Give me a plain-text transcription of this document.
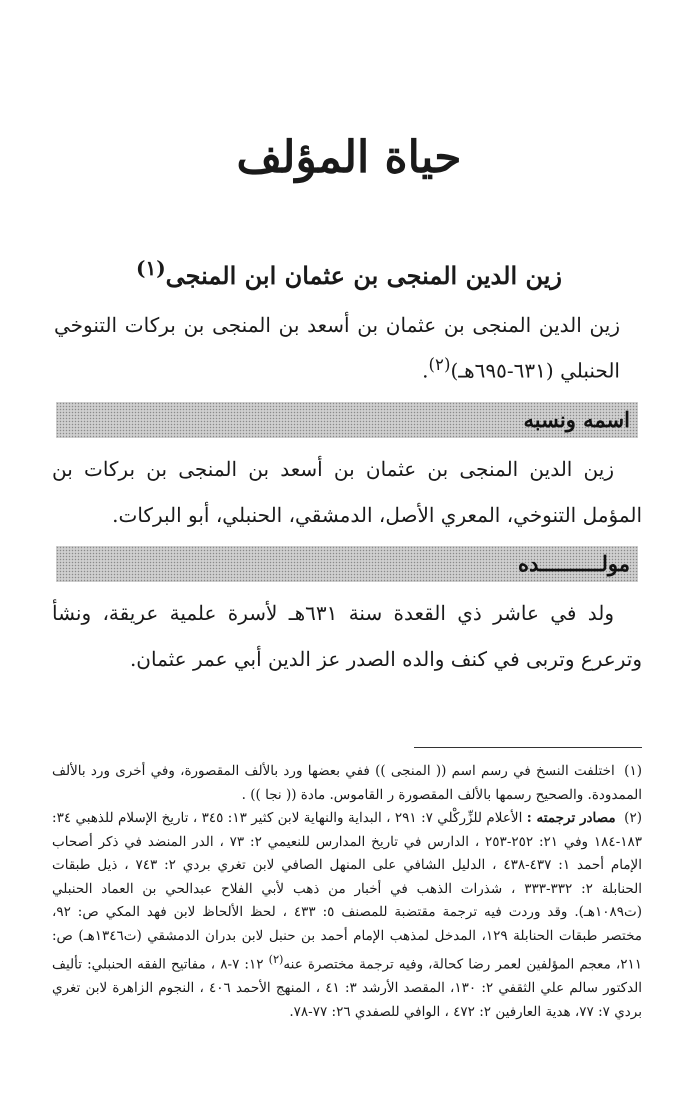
حياة المؤلف
زين الدين المنجى بن عثمان ابن المنجى$^{(١)}$

زين الدين المنجى بن عثمان بن أسعد بن المنجى بن بركات التنوخي الحنبلي (٦٣١-٦٩٥هـ)$^{(٢)}$.

اسمه ونسبه

زين الدين المنجى بن عثمان بن أسعد بن المنجى بن بركات بن المؤمل التنوخي، المعري الأصل، الدمشقي، الحنبلي، أبو البركات.

مولــــــــــده

ولد في عاشر ذي القعدة سنة ٦٣١هـ لأسرة علمية عريقة، ونشأ وترعرع وتربى في كنف والده الصدر عز الدين أبي عمر عثمان.

(١) اختلفت النسخ في رسم اسم (( المنجى )) ففي بعضها ورد بالألف المقصورة، وفي أخرى ورد بالألف الممدودة. والصحيح رسمها بالألف المقصورة ر القاموس. مادة (( نجا )) .

(٢) مصادر ترجمته : الأعلام للزِّركْلي ٧: ٢٩١ ، البداية والنهاية لابن كثير ١٣: ٣٤٥ ، تاريخ الإسلام للذهبي ٣٤: ١٨٣-١٨٤ وفي ٢١: ٢٥٢-٢٥٣ ، الدارس في تاريخ المدارس للنعيمي ٢: ٧٣ ، الدر المنضد في ذكر أصحاب الإمام أحمد ١: ٤٣٧-٤٣٨ ، الدليل الشافي على المنهل الصافي لابن تغري بردي ٢: ٧٤٣ ، ذيل طبقات الحنابلة ٢: ٣٣٢-٣٣٣ ، شذرات الذهب في أخبار من ذهب لأبي الفلاح عبدالحي بن العماد الحنبلي (ت١٠٨٩هـ). وقد وردت فيه ترجمة مقتضبة للمصنف ٥: ٤٣٣ ، لحظ الألحاظ لابن فهد المكي ص: ٩٢، مختصر طبقات الحنابلة ١٢٩، المدخل لمذهب الإمام أحمد بن حنبل لابن بدران الدمشقي (ت١٣٤٦هـ) ص: ٢١١، معجم المؤلفين لعمر رضا كحالة، وفيه ترجمة مختصرة عنه$^{(٢)}$ ١٢: ٧-٨ ، مفاتيح الفقه الحنبلي: تأليف الدكتور سالم علي الثقفي ٢: ١٣٠، المقصد الأرشد ٣: ٤١ ، المنهج الأحمد ٤٠٦ ، النجوم الزاهرة لابن تغري بردي ٧: ٧٧، هدية العارفين ٢: ٤٧٢ ، الوافي للصفدي ٢٦: ٧٧-٧٨.
